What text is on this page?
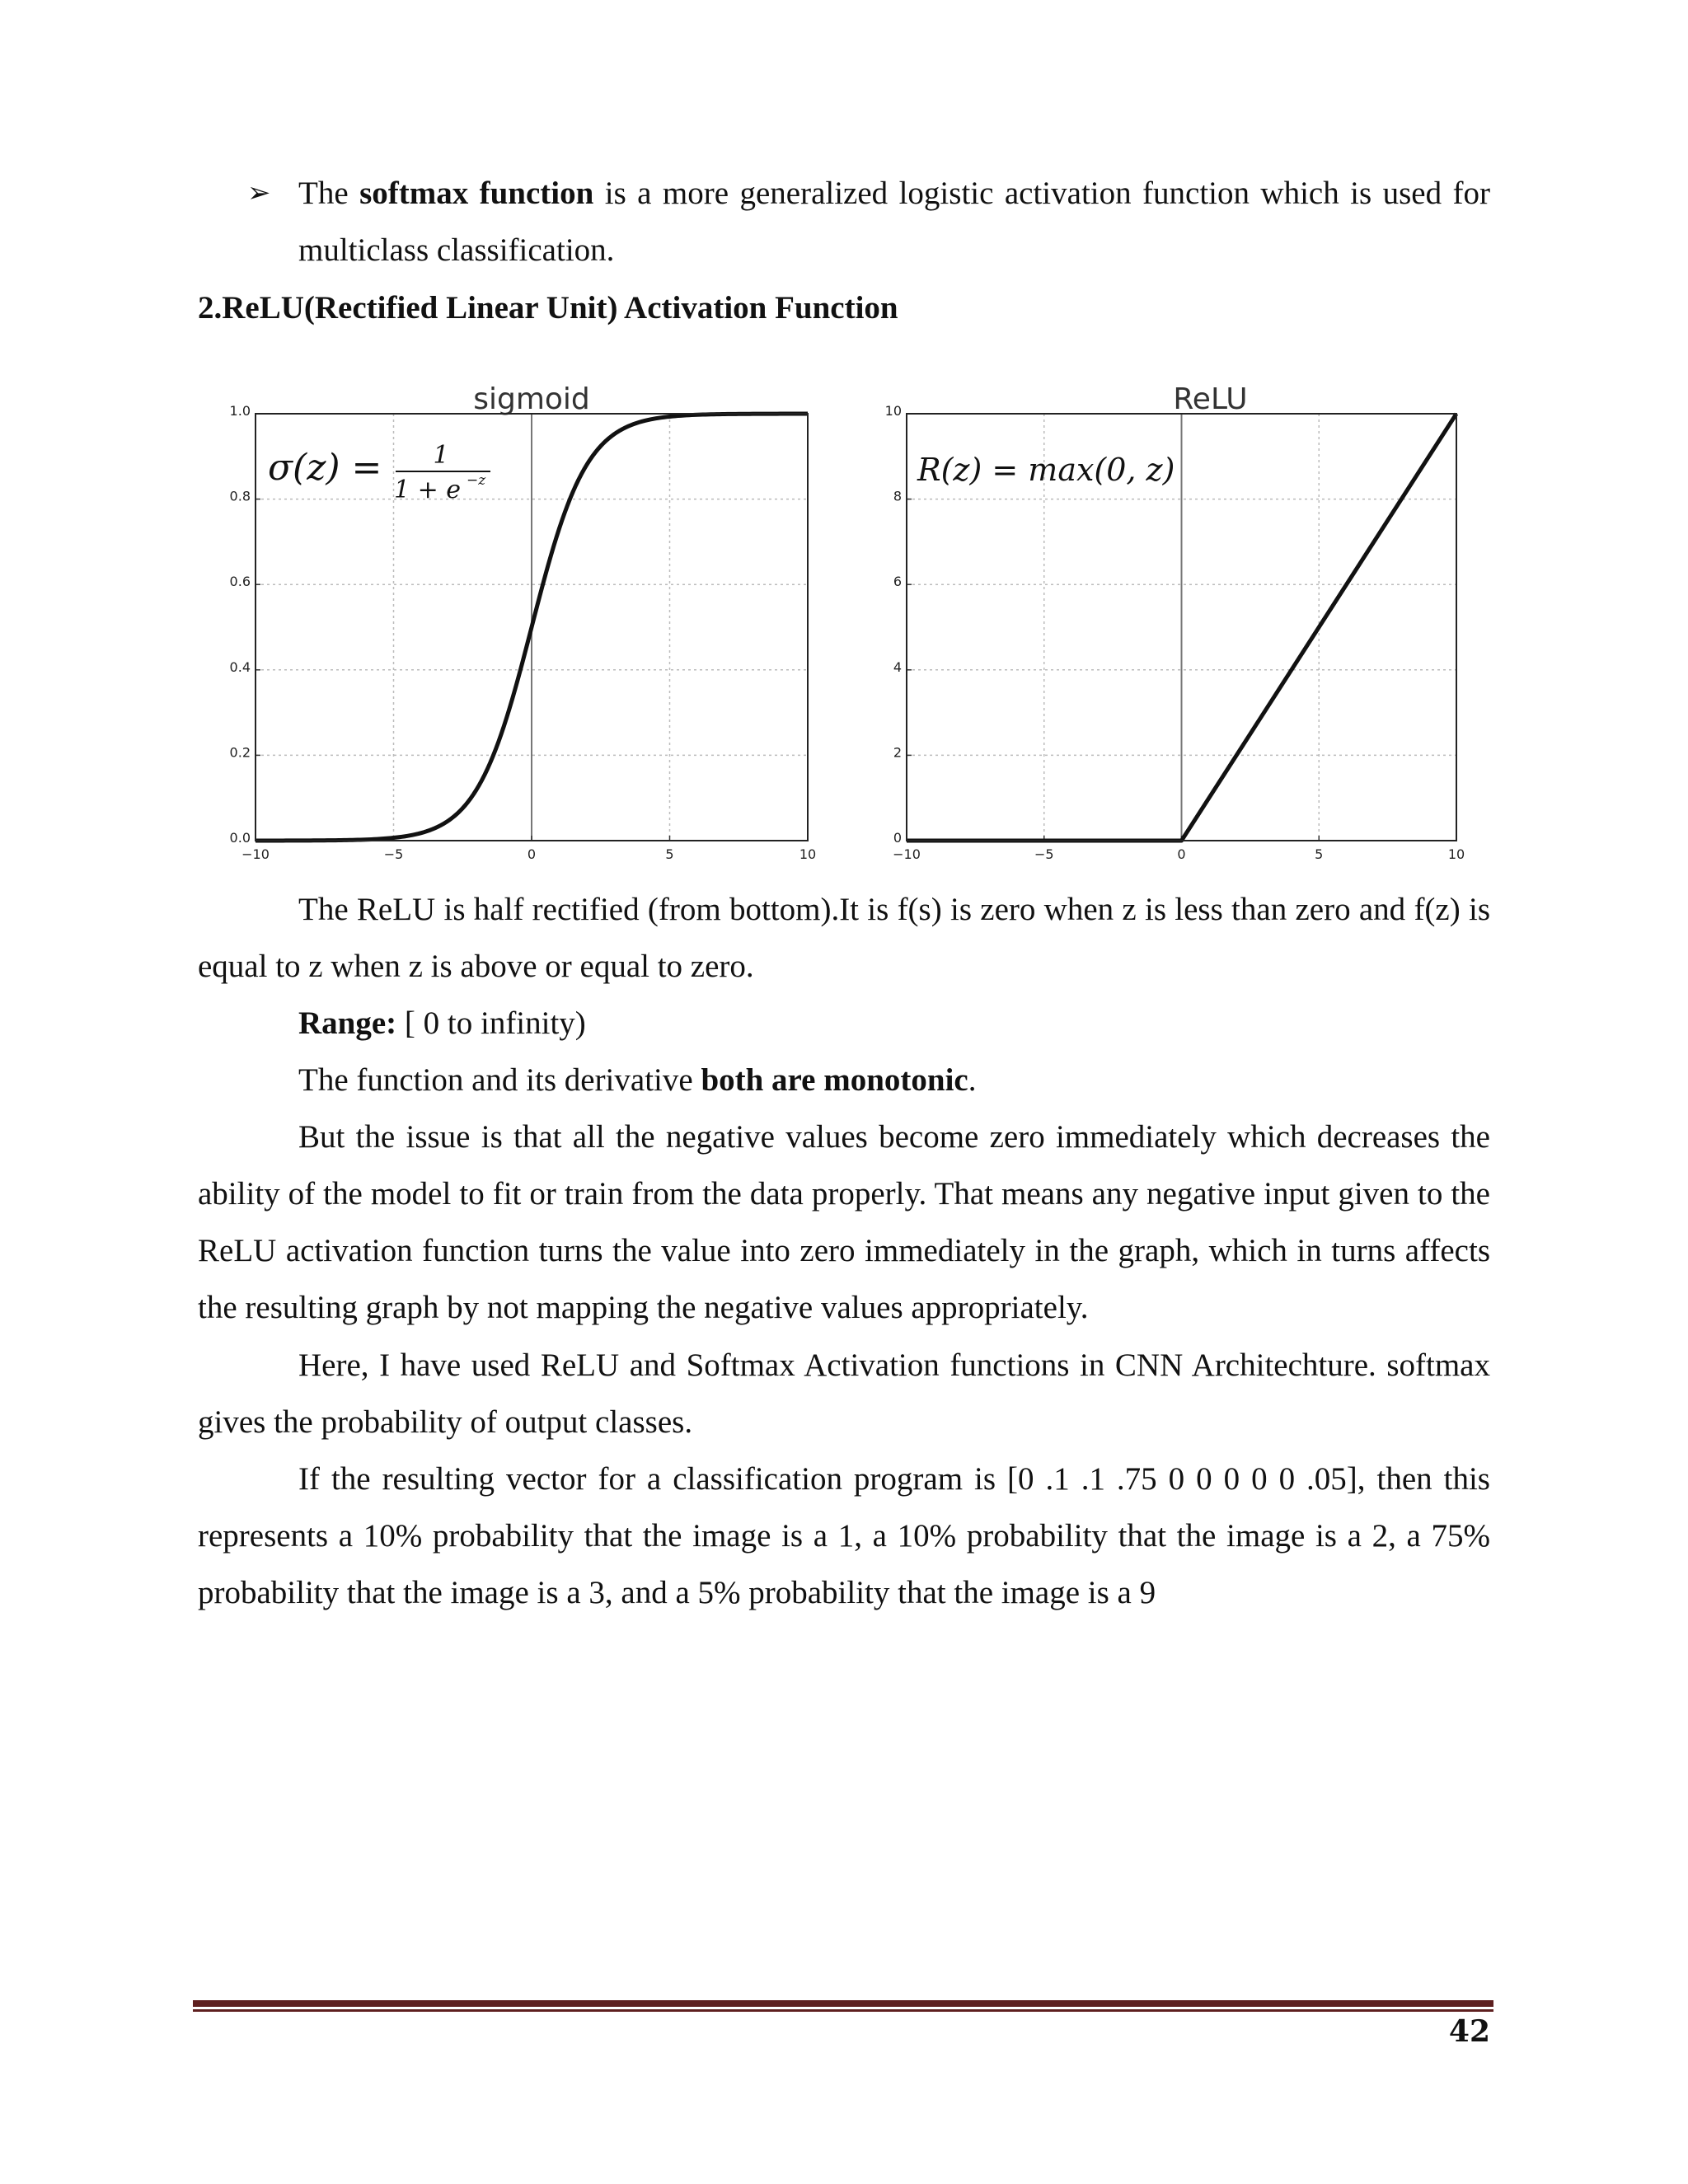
➢ The softmax function is a more generalized logistic activation function which is used for multiclass classification.
2.ReLU(Rectified Linear Unit) Activation Function
−10	−5	0	5	10
0.0
0.2
0.4
0.6
0.8
1.0	sigmoid
σ(z) = 1
1 + e −z
−10	−5	0	5	10
0
2
4
6
8
10	ReLU
R(z) = max(0, z)

The ReLU is half rectified (from bottom).It is f(s) is zero when z is less than zero and f(z) is equal to z when z is above or equal to zero.

Range: [ 0 to infinity)

The function and its derivative both are monotonic.

But the issue is that all the negative values become zero immediately which decreases the ability of the model to fit or train from the data properly. That means any negative input given to the ReLU activation function turns the value into zero immediately in the graph, which in turns affects the resulting graph by not mapping the negative values appropriately.

Here, I have used ReLU and Softmax Activation functions in CNN Architechture. softmax gives the probability of output classes.

If the resulting vector for a classification program is [0 .1 .1 .75 0 0 0 0 0 .05], then this represents a 10% probability that the image is a 1, a 10% probability that the image is a 2, a 75% probability that the image is a 3, and a 5% probability that the image is a 9

42
